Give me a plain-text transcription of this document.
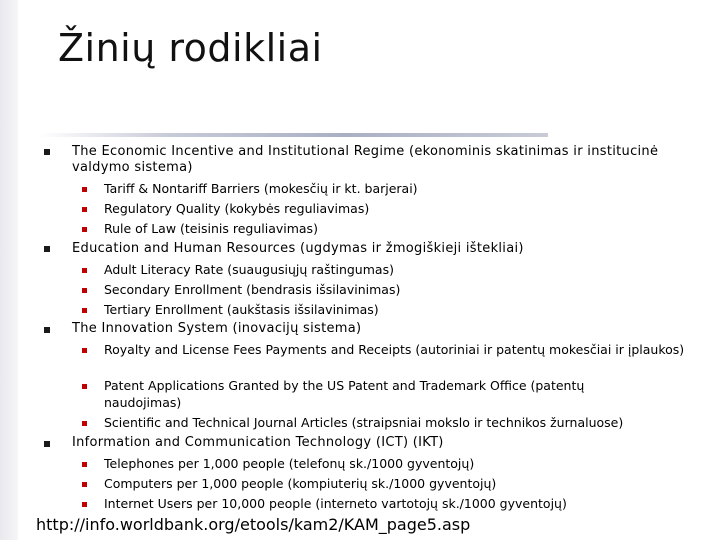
Žinių rodikliai
The Economic Incentive and Institutional Regime (ekonominis skatinimas ir institucinė valdymo sistema)
Tariff & Nontariff Barriers (mokesčių ir kt. barjerai)
Regulatory Quality (kokybės reguliavimas)
Rule of Law (teisinis reguliavimas)
Education and Human Resources (ugdymas ir žmogiškieji ištekliai)
Adult Literacy Rate (suaugusiųjų raštingumas)
Secondary Enrollment (bendrasis išsilavinimas)
Tertiary Enrollment (aukštasis išsilavinimas)
The Innovation System (inovacijų sistema)
Royalty and License Fees Payments and Receipts (autoriniai ir patentų mokesčiai ir įplaukos)
Patent Applications Granted by the US Patent and Trademark Office (patentų naudojimas)
Scientific and Technical Journal Articles (straipsniai mokslo ir technikos žurnaluose)
Information and Communication Technology (ICT) (IKT)
Telephones per 1,000 people (telefonų sk./1000 gyventojų)
Computers per 1,000 people (kompiuterių sk./1000 gyventojų)
Internet Users per 10,000 people (interneto vartotojų sk./1000 gyventojų)
http://info.worldbank.org/etools/kam2/KAM_page5.asp
